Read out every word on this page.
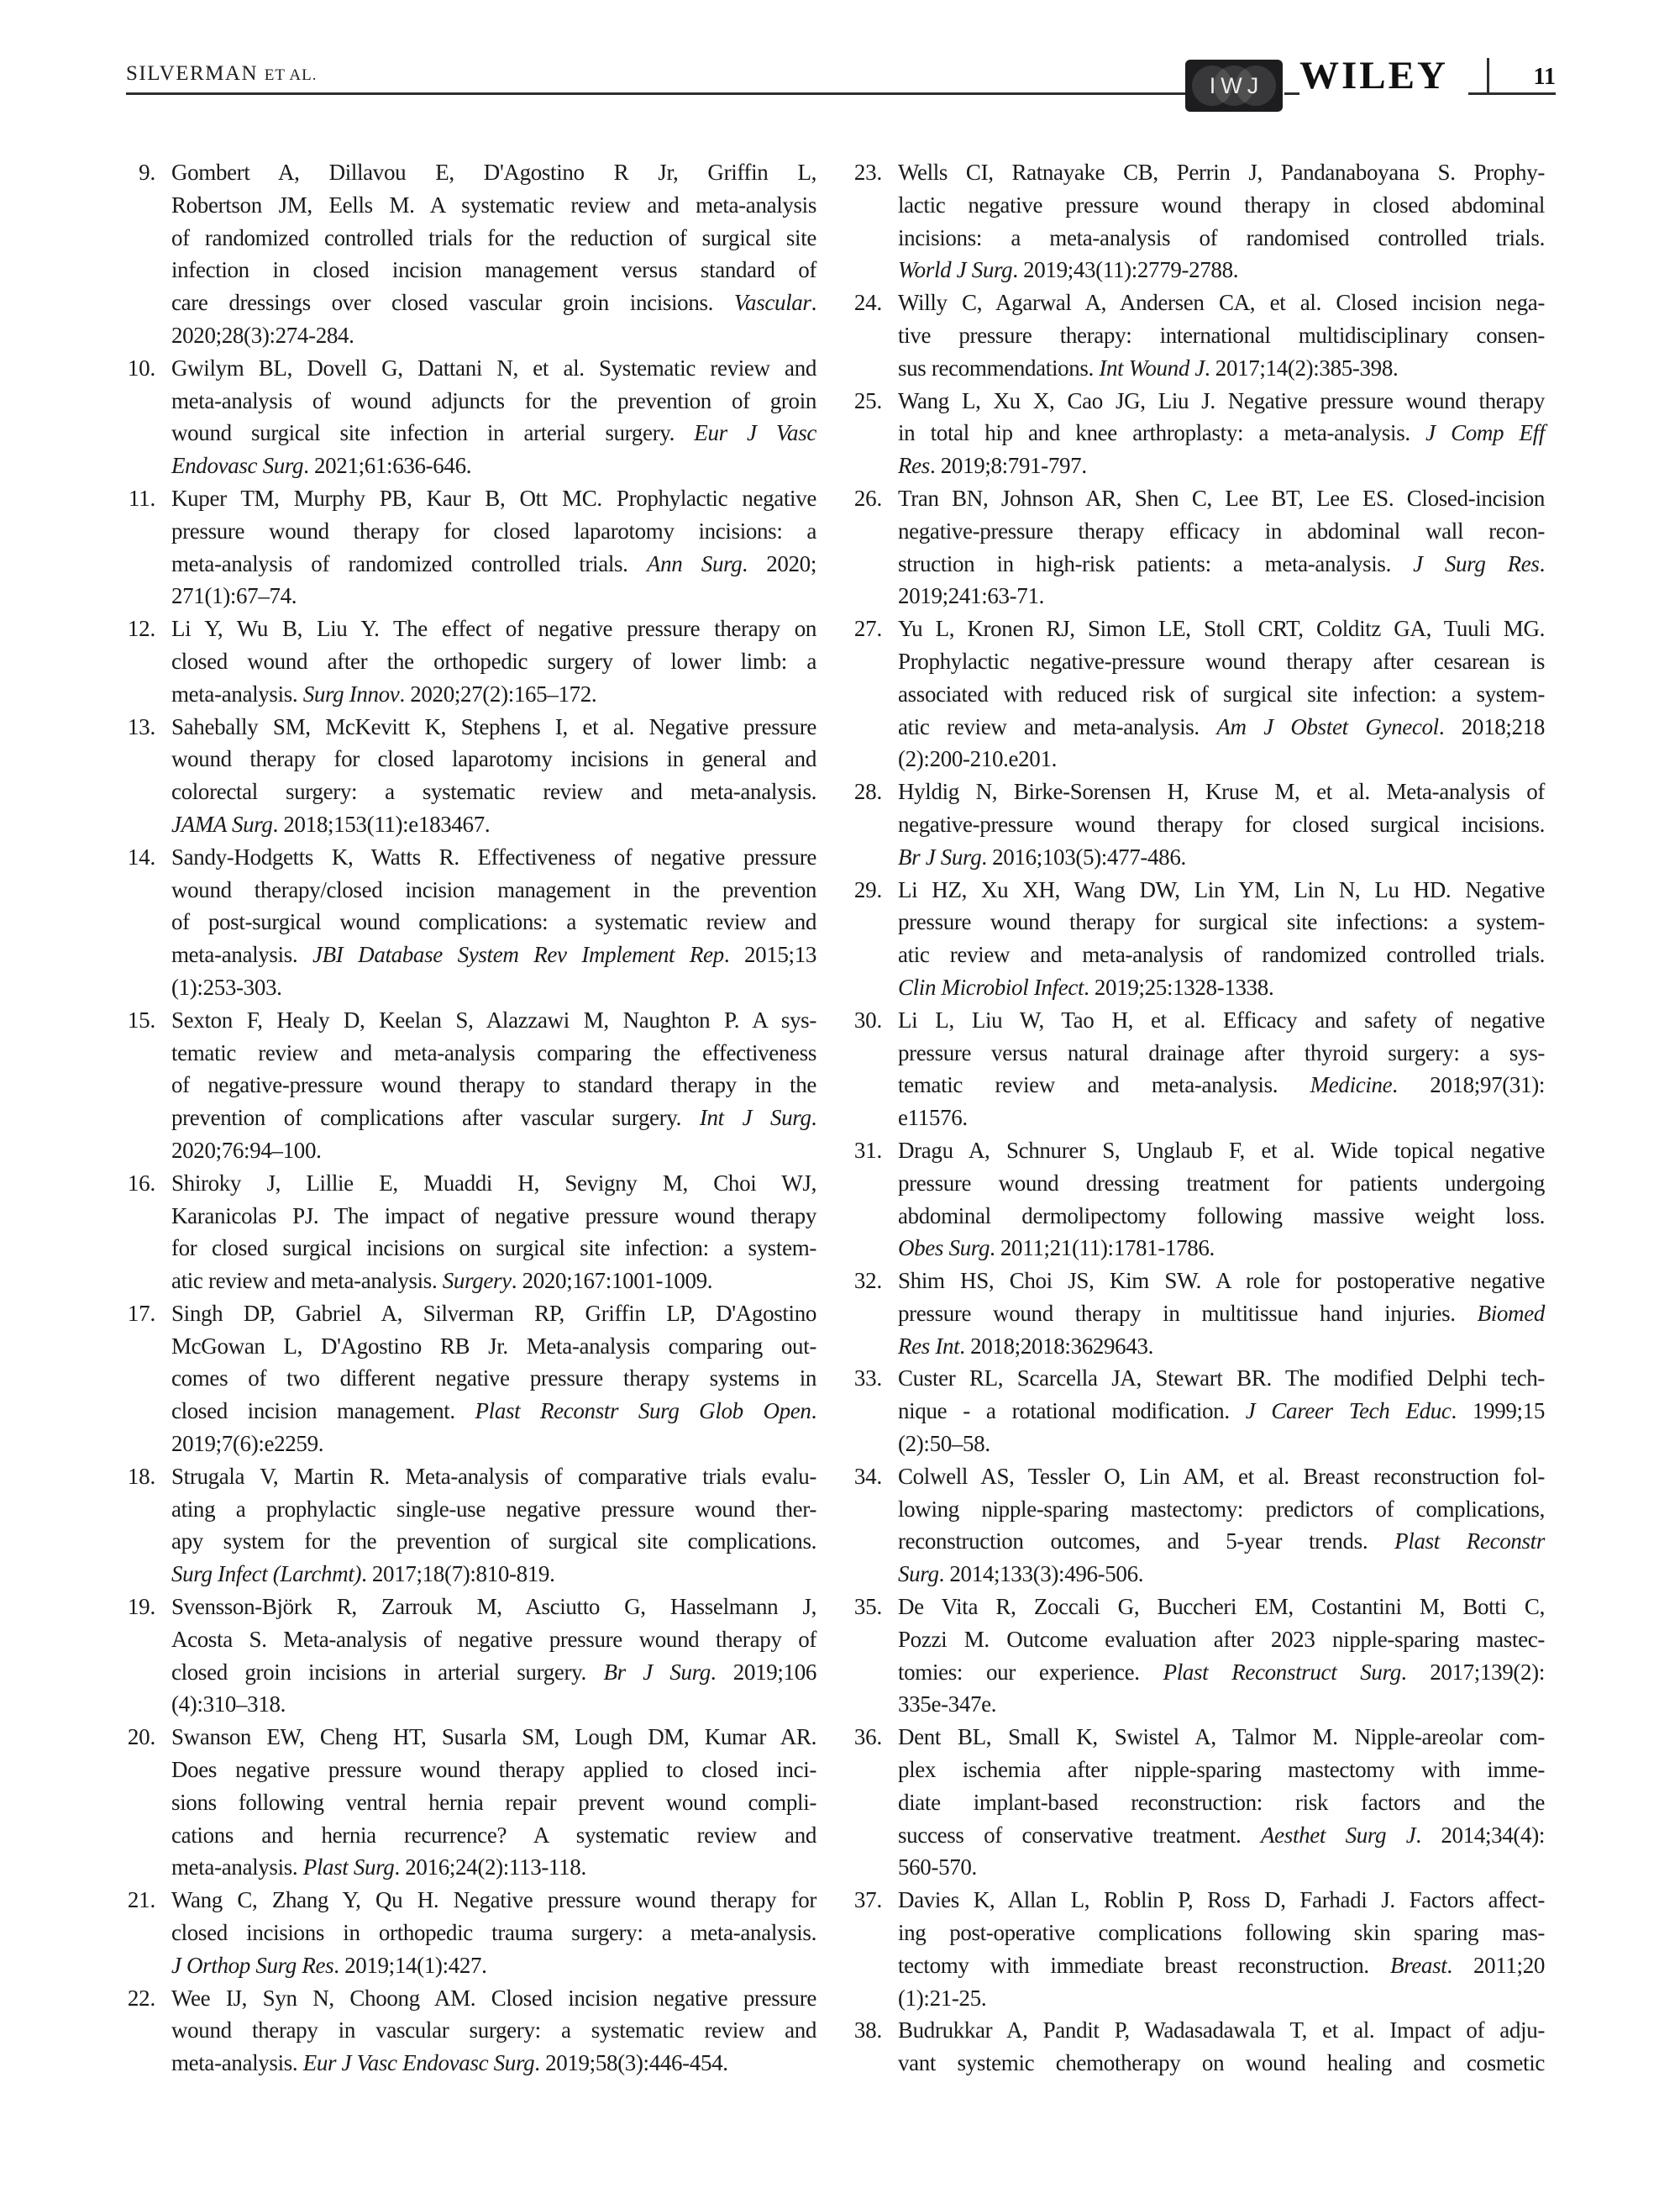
SILVERMAN ET AL.	IWJ WILEY	11
9. Gombert A, Dillavou E, D'Agostino R Jr, Griffin L,
Robertson JM, Eells M. A systematic review and meta-analysis
of randomized controlled trials for the reduction of surgical site
infection in closed incision management versus standard of
care dressings over closed vascular groin incisions. Vascular.
2020;28(3):274-284.
10. Gwilym BL, Dovell G, Dattani N, et al. Systematic review and
meta-analysis of wound adjuncts for the prevention of groin
wound surgical site infection in arterial surgery. Eur J Vasc
Endovasc Surg. 2021;61:636-646.
11. Kuper TM, Murphy PB, Kaur B, Ott MC. Prophylactic negative
pressure wound therapy for closed laparotomy incisions: a
meta-analysis of randomized controlled trials. Ann Surg. 2020;
271(1):67–74.
12. Li Y, Wu B, Liu Y. The effect of negative pressure therapy on
closed wound after the orthopedic surgery of lower limb: a
meta-analysis. Surg Innov. 2020;27(2):165–172.
13. Sahebally SM, McKevitt K, Stephens I, et al. Negative pressure
wound therapy for closed laparotomy incisions in general and
colorectal surgery: a systematic review and meta-analysis.
JAMA Surg. 2018;153(11):e183467.
14. Sandy-Hodgetts K, Watts R. Effectiveness of negative pressure
wound therapy/closed incision management in the prevention
of post-surgical wound complications: a systematic review and
meta-analysis. JBI Database System Rev Implement Rep. 2015;13
(1):253-303.
15. Sexton F, Healy D, Keelan S, Alazzawi M, Naughton P. A sys-
tematic review and meta-analysis comparing the effectiveness
of negative-pressure wound therapy to standard therapy in the
prevention of complications after vascular surgery. Int J Surg.
2020;76:94–100.
16. Shiroky J, Lillie E, Muaddi H, Sevigny M, Choi WJ,
Karanicolas PJ. The impact of negative pressure wound therapy
for closed surgical incisions on surgical site infection: a system-
atic review and meta-analysis. Surgery. 2020;167:1001-1009.
17. Singh DP, Gabriel A, Silverman RP, Griffin LP, D'Agostino
McGowan L, D'Agostino RB Jr. Meta-analysis comparing out-
comes of two different negative pressure therapy systems in
closed incision management. Plast Reconstr Surg Glob Open.
2019;7(6):e2259.
18. Strugala V, Martin R. Meta-analysis of comparative trials evalu-
ating a prophylactic single-use negative pressure wound ther-
apy system for the prevention of surgical site complications.
Surg Infect (Larchmt). 2017;18(7):810-819.
19. Svensson-Björk R, Zarrouk M, Asciutto G, Hasselmann J,
Acosta S. Meta-analysis of negative pressure wound therapy of
closed groin incisions in arterial surgery. Br J Surg. 2019;106
(4):310–318.
20. Swanson EW, Cheng HT, Susarla SM, Lough DM, Kumar AR.
Does negative pressure wound therapy applied to closed inci-
sions following ventral hernia repair prevent wound compli-
cations and hernia recurrence? A systematic review and
meta-analysis. Plast Surg. 2016;24(2):113-118.
21. Wang C, Zhang Y, Qu H. Negative pressure wound therapy for
closed incisions in orthopedic trauma surgery: a meta-analysis.
J Orthop Surg Res. 2019;14(1):427.
22. Wee IJ, Syn N, Choong AM. Closed incision negative pressure
wound therapy in vascular surgery: a systematic review and
meta-analysis. Eur J Vasc Endovasc Surg. 2019;58(3):446-454.
23. Wells CI, Ratnayake CB, Perrin J, Pandanaboyana S. Prophy-
lactic negative pressure wound therapy in closed abdominal
incisions: a meta-analysis of randomised controlled trials.
World J Surg. 2019;43(11):2779-2788.
24. Willy C, Agarwal A, Andersen CA, et al. Closed incision nega-
tive pressure therapy: international multidisciplinary consen-
sus recommendations. Int Wound J. 2017;14(2):385-398.
25. Wang L, Xu X, Cao JG, Liu J. Negative pressure wound therapy
in total hip and knee arthroplasty: a meta-analysis. J Comp Eff
Res. 2019;8:791-797.
26. Tran BN, Johnson AR, Shen C, Lee BT, Lee ES. Closed-incision
negative-pressure therapy efficacy in abdominal wall recon-
struction in high-risk patients: a meta-analysis. J Surg Res.
2019;241:63-71.
27. Yu L, Kronen RJ, Simon LE, Stoll CRT, Colditz GA, Tuuli MG.
Prophylactic negative-pressure wound therapy after cesarean is
associated with reduced risk of surgical site infection: a system-
atic review and meta-analysis. Am J Obstet Gynecol. 2018;218
(2):200-210.e201.
28. Hyldig N, Birke-Sorensen H, Kruse M, et al. Meta-analysis of
negative-pressure wound therapy for closed surgical incisions.
Br J Surg. 2016;103(5):477-486.
29. Li HZ, Xu XH, Wang DW, Lin YM, Lin N, Lu HD. Negative
pressure wound therapy for surgical site infections: a system-
atic review and meta-analysis of randomized controlled trials.
Clin Microbiol Infect. 2019;25:1328-1338.
30. Li L, Liu W, Tao H, et al. Efficacy and safety of negative
pressure versus natural drainage after thyroid surgery: a sys-
tematic review and meta-analysis. Medicine. 2018;97(31):
e11576.
31. Dragu A, Schnurer S, Unglaub F, et al. Wide topical negative
pressure wound dressing treatment for patients undergoing
abdominal dermolipectomy following massive weight loss.
Obes Surg. 2011;21(11):1781-1786.
32. Shim HS, Choi JS, Kim SW. A role for postoperative negative
pressure wound therapy in multitissue hand injuries. Biomed
Res Int. 2018;2018:3629643.
33. Custer RL, Scarcella JA, Stewart BR. The modified Delphi tech-
nique - a rotational modification. J Career Tech Educ. 1999;15
(2):50–58.
34. Colwell AS, Tessler O, Lin AM, et al. Breast reconstruction fol-
lowing nipple-sparing mastectomy: predictors of complications,
reconstruction outcomes, and 5-year trends. Plast Reconstr
Surg. 2014;133(3):496-506.
35. De Vita R, Zoccali G, Buccheri EM, Costantini M, Botti C,
Pozzi M. Outcome evaluation after 2023 nipple-sparing mastec-
tomies: our experience. Plast Reconstruct Surg. 2017;139(2):
335e-347e.
36. Dent BL, Small K, Swistel A, Talmor M. Nipple-areolar com-
plex ischemia after nipple-sparing mastectomy with imme-
diate implant-based reconstruction: risk factors and the
success of conservative treatment. Aesthet Surg J. 2014;34(4):
560-570.
37. Davies K, Allan L, Roblin P, Ross D, Farhadi J. Factors affect-
ing post-operative complications following skin sparing mas-
tectomy with immediate breast reconstruction. Breast. 2011;20
(1):21-25.
38. Budrukkar A, Pandit P, Wadasadawala T, et al. Impact of adju-
vant systemic chemotherapy on wound healing and cosmetic
